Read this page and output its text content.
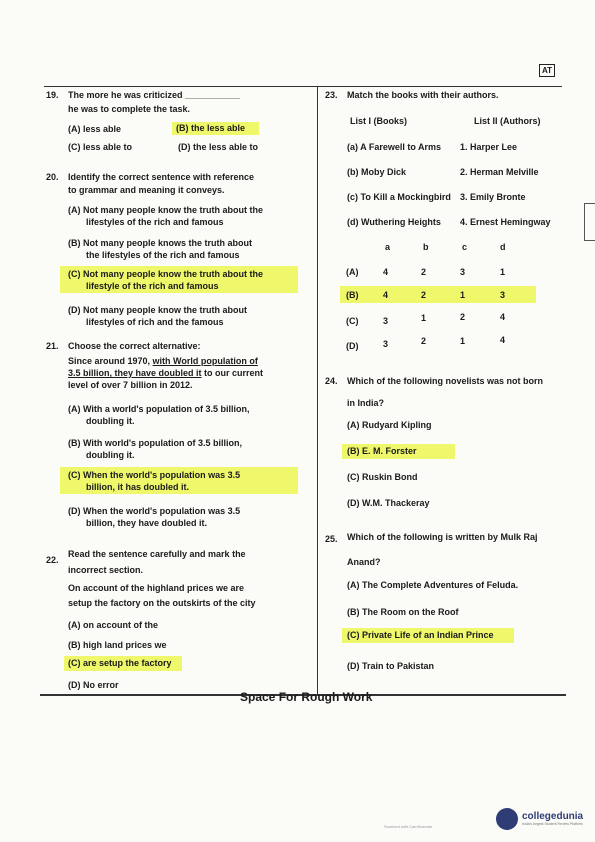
AT
19. The more he was criticized ___________
he was to complete the task.
(A) less able	(B) the less able
(C) less able to	(D) the less able to
20. Identify the correct sentence with reference
to grammar and meaning it conveys.
(A) Not many people know the truth about the
lifestyles of the rich and famous
(B) Not many people knows the truth about
the lifestyles of the rich and famous
(C) Not many people know the truth about the
lifestyle of the rich and famous
(D) Not many people know the truth about
lifestyles of rich and the famous
21. Choose the correct alternative:
Since around 1970, with World population of
3.5 billion, they have doubled it to our current
level of over 7 billion in 2012.
(A) With a world's population of 3.5 billion,
doubling it.
(B) With world's population of 3.5 billion,
doubling it.
(C) When the world's population was 3.5
billion, it has doubled it.
(D) When the world's population was 3.5
billion, they have doubled it.
22.
Read the sentence carefully and mark the
incorrect section.
On account of the highland prices we are
setup the factory on the outskirts of the city
(A) on account of the
(B) high land prices we
(C) are setup the factory
(D) No error
23. Match the books with their authors.
List I (Books)	List II (Authors)
(a) A Farewell to Arms 1. Harper Lee
(b) Moby Dick	2. Herman Melville
(c) To Kill a Mockingbird 3. Emily Bronte
(d) Wuthering Heights 4. Ernest Hemingway
a	b	c	d
(A)	4	2	3	1
(B)	4	2	1	3
(C)	3	1	2	4
(D)	3	2	1	4
24. Which of the following novelists was not born
in India?
(A) Rudyard Kipling
(B) E. M. Forster
(C) Ruskin Bond
(D) W.M. Thackeray
25. Which of the following is written by Mulk Raj
Anand?
(A) The Complete Adventures of Feluda.
(B) The Room on the Roof
(C) Private Life of an Indian Prince
(D) Train to Pakistan
Space For Rough Work
collegedunia
India's largest Student Review Platform
Scanned with CamScanner
